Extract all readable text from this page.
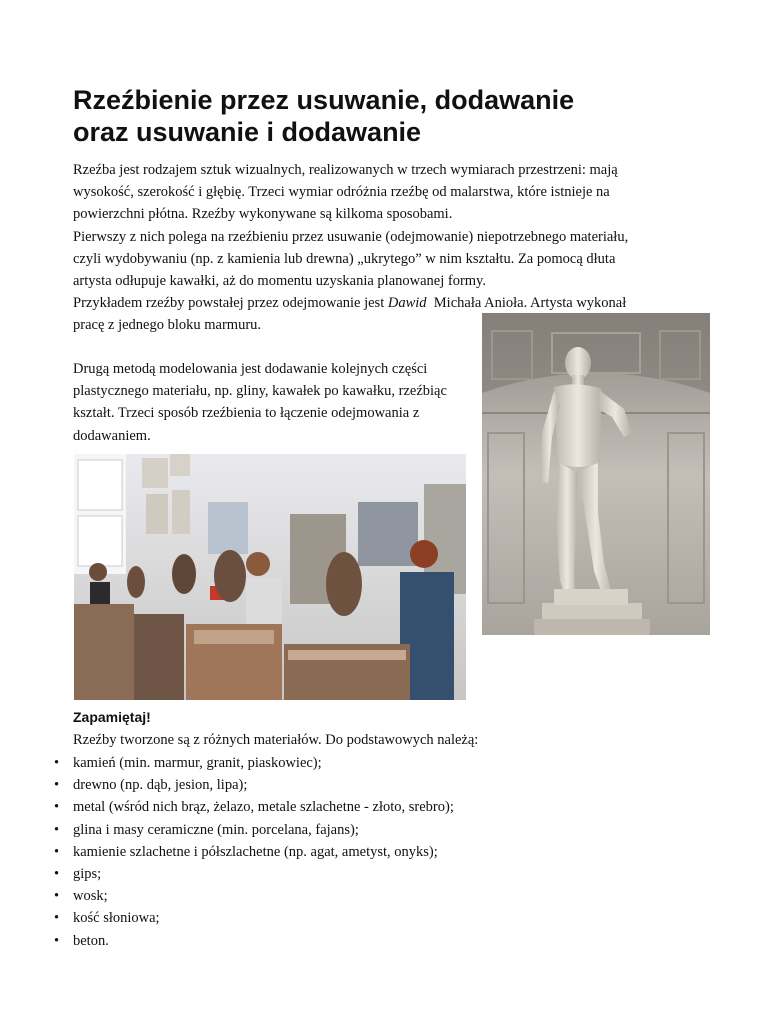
Rzeźbienie przez usuwanie, dodawanie
oraz usuwanie i dodawanie
Rzeźba jest rodzajem sztuk wizualnych, realizowanych w trzech wymiarach przestrzeni: mają
wysokość, szerokość i głębię. Trzeci wymiar odróżnia rzeźbę od malarstwa, które istnieje na
powierzchni płótna. Rzeźby wykonywane są kilkoma sposobami.
Pierwszy z nich polega na rzeźbieniu przez usuwanie (odejmowanie) niepotrzebnego materiału,
czyli wydobywaniu (np. z kamienia lub drewna) „ukrytego” w nim kształtu. Za pomocą dłuta
artysta odłupuje kawałki, aż do momentu uzyskania planowanej formy.
Przykładem rzeźby powstałej przez odejmowanie jest Dawid  Michała Anioła. Artysta wykonał
pracę z jednego bloku marmuru.
Drugą metodą modelowania jest dodawanie kolejnych części
plastycznego materiału, np. gliny, kawałek po kawałku, rzeźbiąc
kształt. Trzeci sposób rzeźbienia to łączenie odejmowania z
dodawaniem.
Zapamiętaj!
Rzeźby tworzone są z różnych materiałów. Do podstawowych należą:
• kamień (min. marmur, granit, piaskowiec);
• drewno (np. dąb, jesion, lipa);
• metal (wśród nich brąz, żelazo, metale szlachetne - złoto, srebro);
• glina i masy ceramiczne (min. porcelana, fajans);
• kamienie szlachetne i półszlachetne (np. agat, ametyst, onyks);
• gips;
• wosk;
• kość słoniowa;
• beton.
